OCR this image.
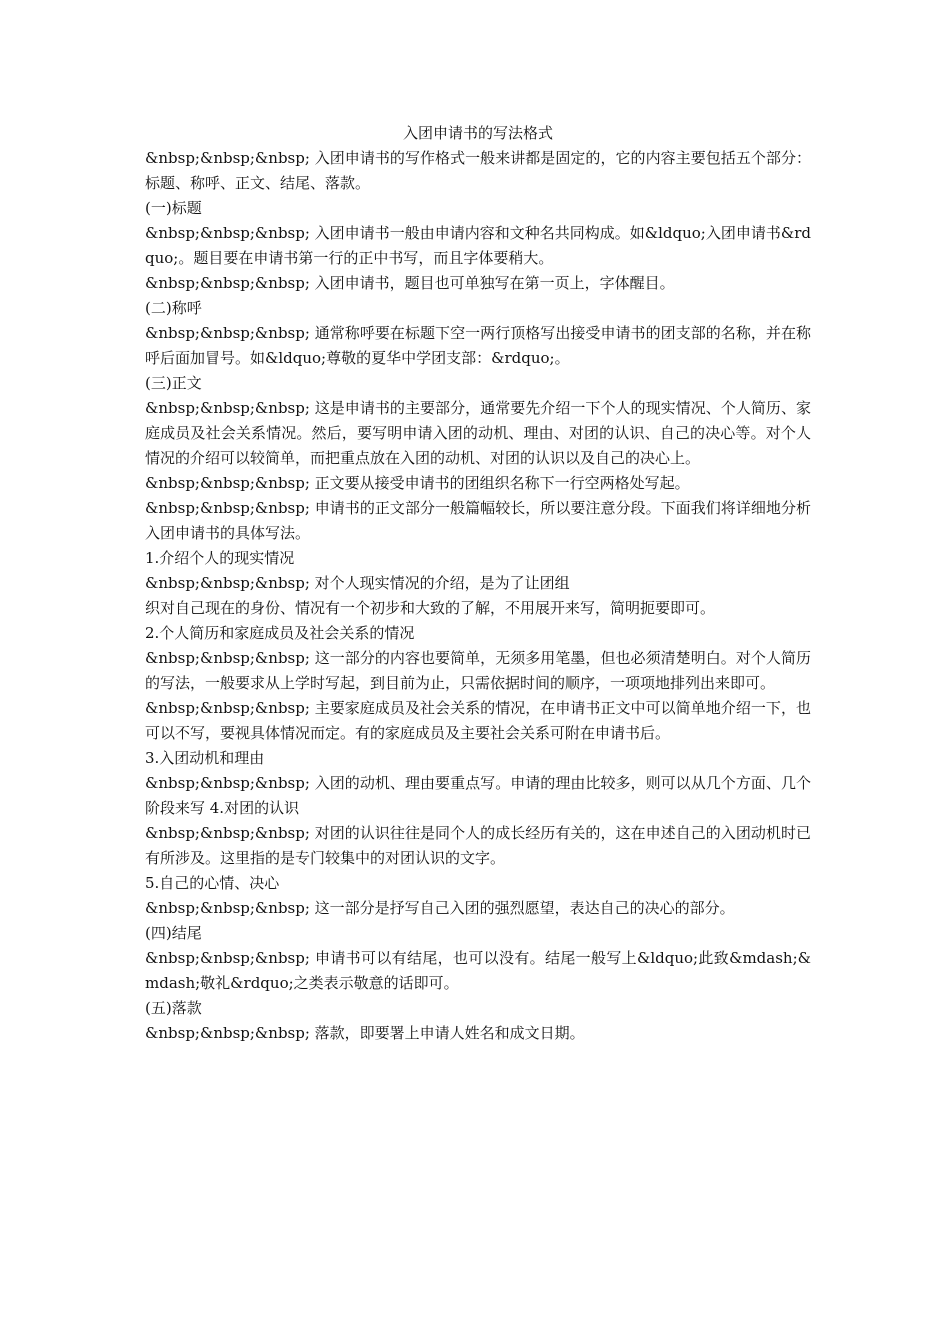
入团申请书的写法格式

&nbsp;&nbsp;&nbsp; 入团申请书的写作格式一般来讲都是固定的，它的内容主要包括五个部分：标题、称呼、正文、结尾、落款。

(一)标题

&nbsp;&nbsp;&nbsp; 入团申请书一般由申请内容和文种名共同构成。如&ldquo;入团申请书&rdquo;。题目要在申请书第一行的正中书写，而且字体要稍大。

&nbsp;&nbsp;&nbsp; 入团申请书，题目也可单独写在第一页上，字体醒目。

(二)称呼

&nbsp;&nbsp;&nbsp; 通常称呼要在标题下空一两行顶格写出接受申请书的团支部的名称，并在称呼后面加冒号。如&ldquo;尊敬的夏华中学团支部：&rdquo;。

(三)正文

&nbsp;&nbsp;&nbsp; 这是申请书的主要部分，通常要先介绍一下个人的现实情况、个人简历、家庭成员及社会关系情况。然后，要写明申请入团的动机、理由、对团的认识、自己的决心等。对个人情况的介绍可以较简单，而把重点放在入团的动机、对团的认识以及自己的决心上。

&nbsp;&nbsp;&nbsp; 正文要从接受申请书的团组织名称下一行空两格处写起。

&nbsp;&nbsp;&nbsp; 申请书的正文部分一般篇幅较长，所以要注意分段。下面我们将详细地分析入团申请书的具体写法。

1.介绍个人的现实情况

&nbsp;&nbsp;&nbsp; 对个人现实情况的介绍，是为了让团组

织对自己现在的身份、情况有一个初步和大致的了解，不用展开来写，简明扼要即可。

2.个人简历和家庭成员及社会关系的情况

&nbsp;&nbsp;&nbsp; 这一部分的内容也要简单，无须多用笔墨，但也必须清楚明白。对个人简历的写法，一般要求从上学时写起，到目前为止，只需依据时间的顺序，一项项地排列出来即可。

&nbsp;&nbsp;&nbsp; 主要家庭成员及社会关系的情况，在申请书正文中可以简单地介绍一下，也可以不写，要视具体情况而定。有的家庭成员及主要社会关系可附在申请书后。

3.入团动机和理由

&nbsp;&nbsp;&nbsp; 入团的动机、理由要重点写。申请的理由比较多，则可以从几个方面、几个阶段来写 4.对团的认识

&nbsp;&nbsp;&nbsp; 对团的认识往往是同个人的成长经历有关的，这在申述自己的入团动机时已有所涉及。这里指的是专门较集中的对团认识的文字。

5.自己的心情、决心

&nbsp;&nbsp;&nbsp; 这一部分是抒写自己入团的强烈愿望，表达自己的决心的部分。

(四)结尾

&nbsp;&nbsp;&nbsp; 申请书可以有结尾，也可以没有。结尾一般写上&ldquo;此致&mdash;&mdash;敬礼&rdquo;之类表示敬意的话即可。

(五)落款

&nbsp;&nbsp;&nbsp; 落款，即要署上申请人姓名和成文日期。
